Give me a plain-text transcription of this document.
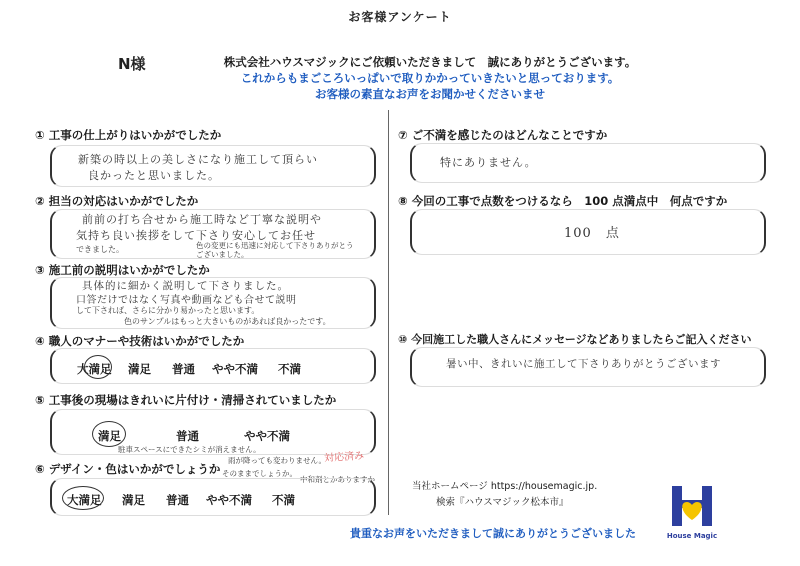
お客様アンケート
N様	株式会社ハウスマジックにご依頼いただきまして　誠にありがとうございます。
これからもまごころいっぱいで取りかかっていきたいと思っております。
お客様の素直なお声をお聞かせくださいませ
① 工事の仕上がりはいかがでしたか
新築の時以上の美しさになり施工して頂らい
良かったと思いました。
② 担当の対応はいかがでしたか
前前の打ち合せから施工時など丁寧な説明や
気持ち良い挨拶をして下さり安心してお任せ
できました。	色の変更にも迅速に対応して下さりありがとう
ございました。
③ 施工前の説明はいかがでしたか
具体的に細かく説明して下さりました。
口答だけではなく写真や動画なども合せて説明
して下されば、さらに分かり易かったと思います。
色のサンプルはもっと大きいものがあれば良かったです。
④ 職人のマナーや技術はいかがでしたか
大満足 満足 普通 やや不満 不満
⑤ 工事後の現場はきれいに片付け・清掃されていましたか
満足	普通	やや不満
駐車スペースにできたシミが消えません。
雨が降っても変わりません。
そのままでしょうか。
中和剤とかありますか
対応済み
⑥ デザイン・色はいかがでしょうか
大満足 満足 普通 やや不満 不満
⑦ ご不満を感じたのはどんなことですか
特にありません。
⑧ 今回の工事で点数をつけるなら　100 点満点中　何点ですか
100　点
⑩ 今回施工した職人さんにメッセージなどありましたらご記入ください
暑い中、きれいに施工して下さりありがとうございます
当社ホームページ https://housemagic.jp.
検索『ハウスマジック松本市』
貴重なお声をいただきまして誠にありがとうございました	House Magic
